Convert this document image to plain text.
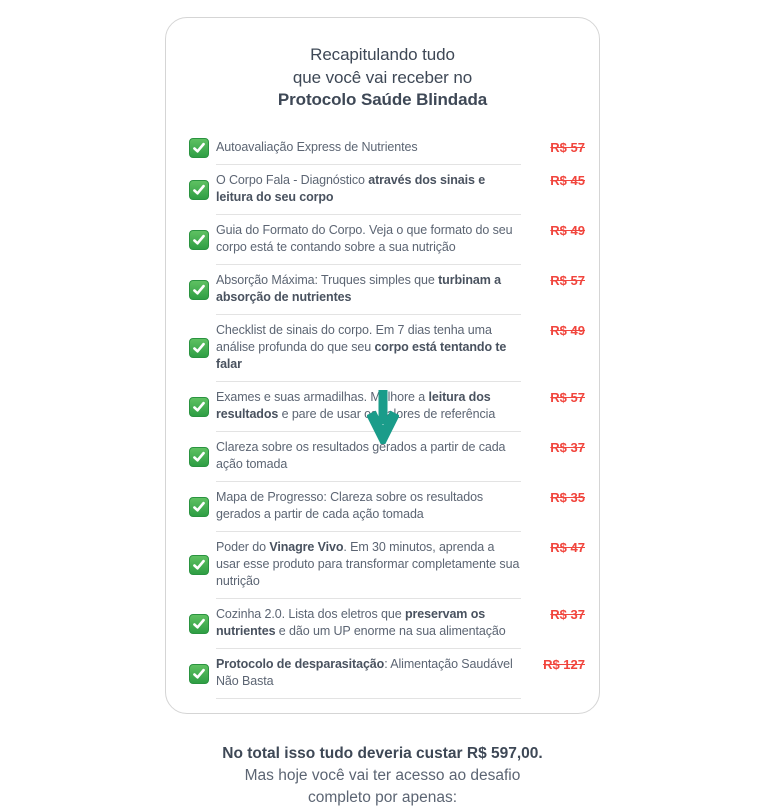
Recapitulando tudo
que você vai receber no
Protocolo Saúde Blindada
Autoavaliação Express de Nutrientes	R$ 57
O Corpo Fala - Diagnóstico através dos sinais e leitura do seu corpo
R$ 45
Guia do Formato do Corpo. Veja o que formato do seu corpo está te contando sobre a sua nutrição
R$ 49
Absorção Máxima: Truques simples que turbinam a absorção de nutrientes
R$ 57
Checklist de sinais do corpo. Em 7 dias tenha uma análise profunda do que seu corpo está tentando te falar
R$ 49
Exames e suas armadilhas. Melhore a leitura dos resultados e pare de usar os valores de referência
R$ 57
Clareza sobre os resultados gerados a partir de cada ação tomada
R$ 37
Mapa de Progresso: Clareza sobre os resultados gerados a partir de cada ação tomada
R$ 35
Poder do Vinagre Vivo. Em 30 minutos, aprenda a usar esse produto para transformar completamente sua nutrição
R$ 47
Cozinha 2.0. Lista dos eletros que preservam os nutrientes e dão um UP enorme na sua alimentação
R$ 37
Protocolo de desparasitação: Alimentação Saudável Não Basta
R$ 127
No total isso tudo deveria custar R$ 597,00.
Mas hoje você vai ter acesso ao desafio
completo por apenas:
